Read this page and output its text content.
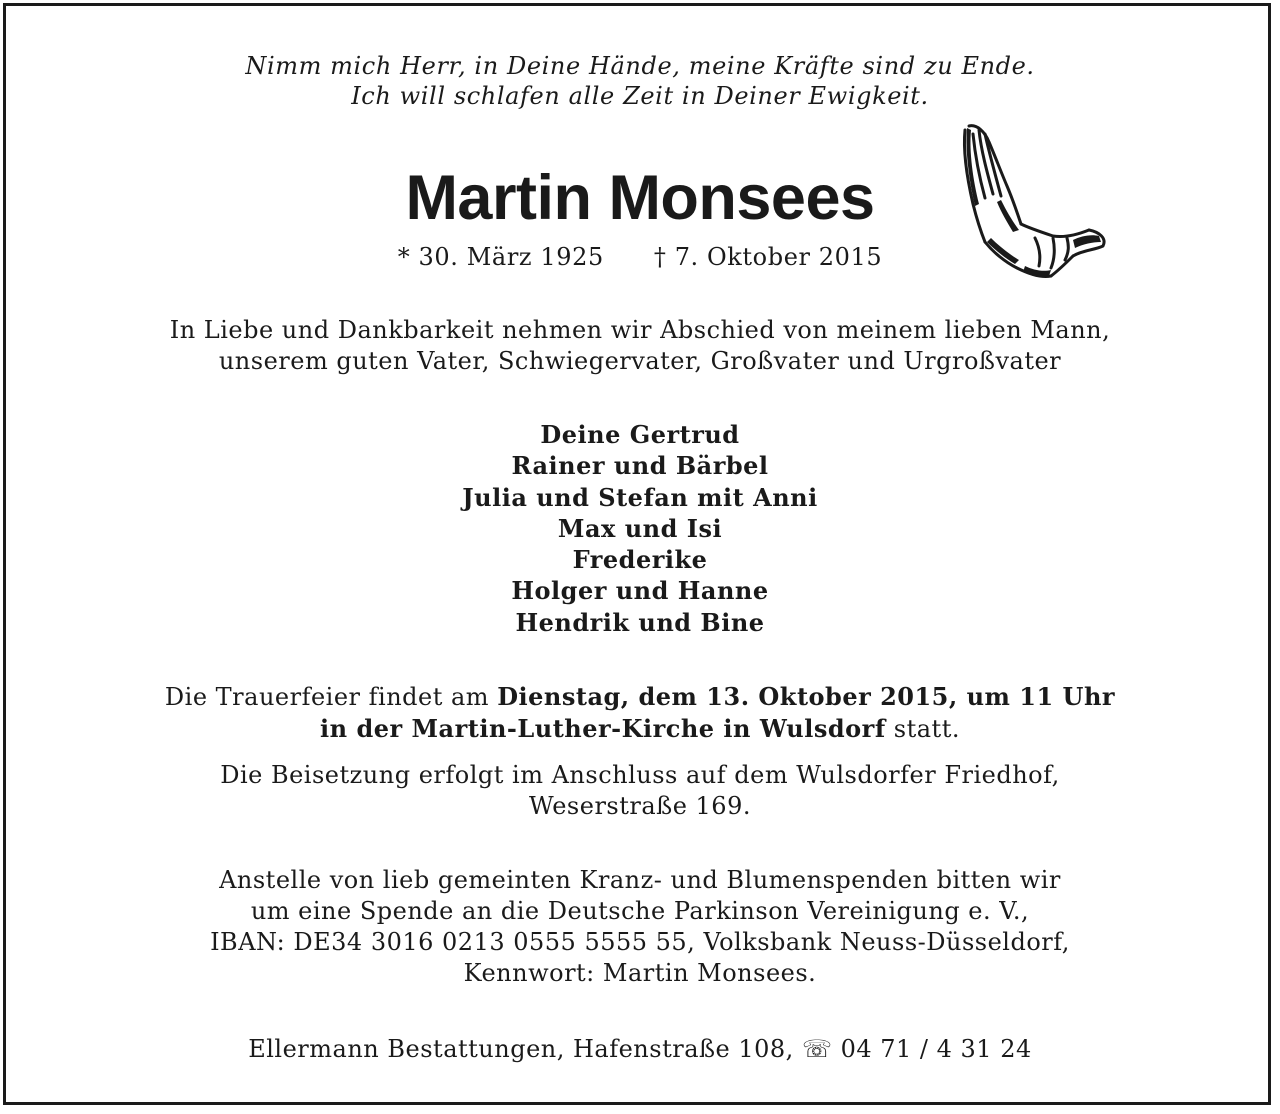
Nimm mich Herr, in Deine Hände, meine Kräfte sind zu Ende.
Ich will schlafen alle Zeit in Deiner Ewigkeit.
Martin Monsees
* 30. März 1925 † 7. Oktober 2015
In Liebe und Dankbarkeit nehmen wir Abschied von meinem lieben Mann,
unserem guten Vater, Schwiegervater, Großvater und Urgroßvater
Deine Gertrud
Rainer und Bärbel
Julia und Stefan mit Anni
Max und Isi
Frederike
Holger und Hanne
Hendrik und Bine
Die Trauerfeier findet am Dienstag, dem 13. Oktober 2015, um 11 Uhr
in der Martin-Luther-Kirche in Wulsdorf statt.
Die Beisetzung erfolgt im Anschluss auf dem Wulsdorfer Friedhof,
Weserstraße 169.
Anstelle von lieb gemeinten Kranz- und Blumenspenden bitten wir
um eine Spende an die Deutsche Parkinson Vereinigung e. V.,
IBAN: DE34 3016 0213 0555 5555 55, Volksbank Neuss-Düsseldorf,
Kennwort: Martin Monsees.
Ellermann Bestattungen, Hafenstraße 108, ☏ 04 71 / 4 31 24
